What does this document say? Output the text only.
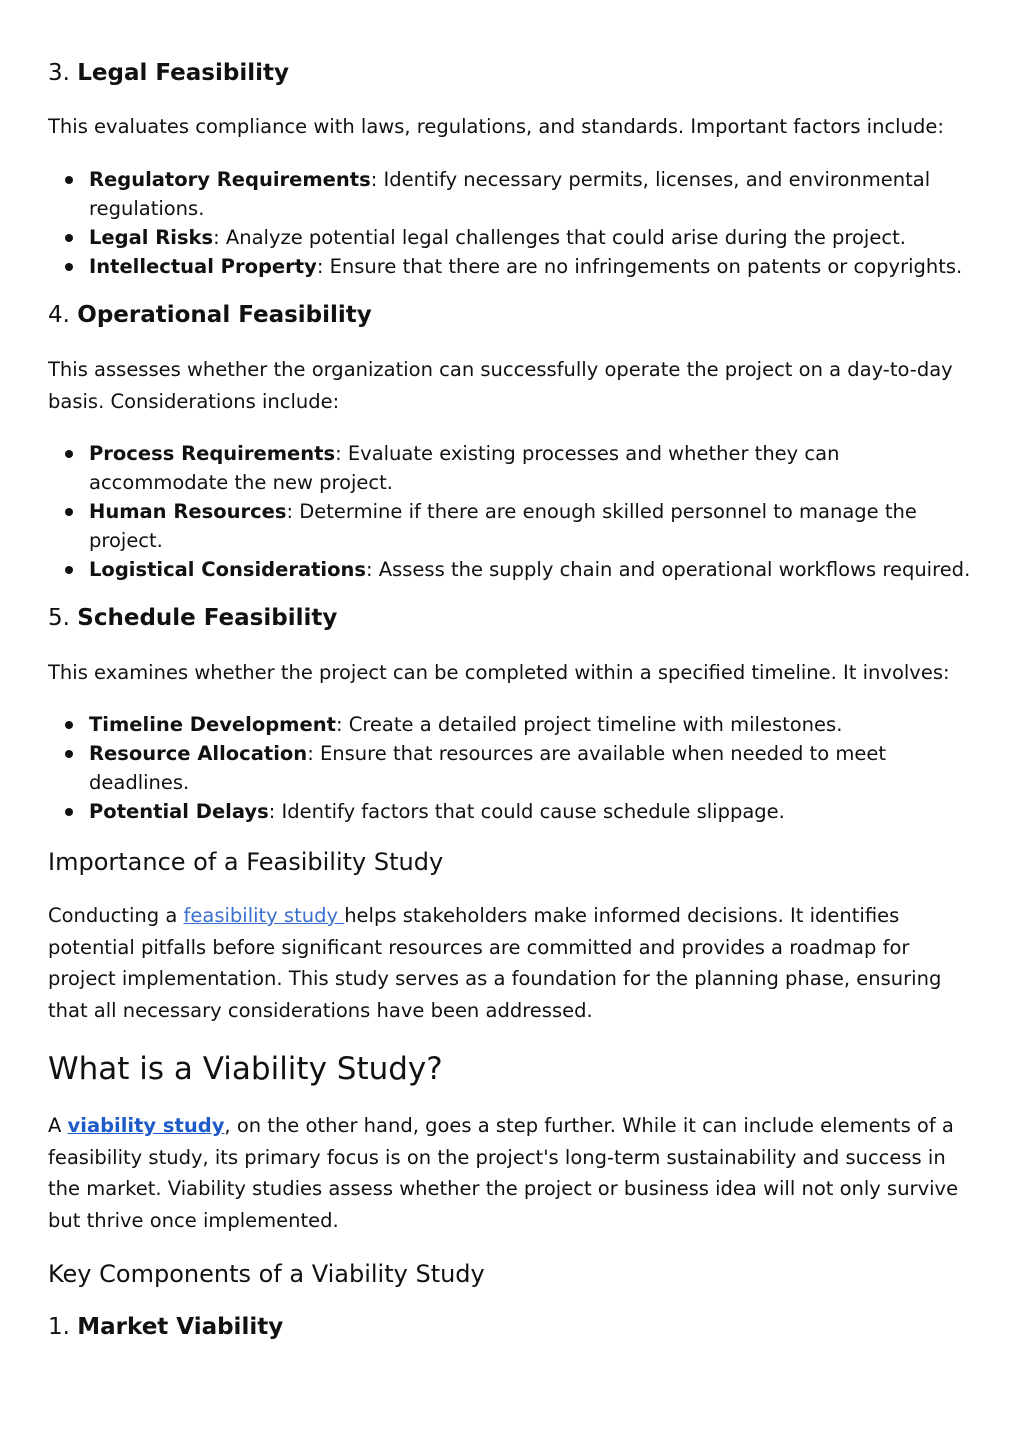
3. Legal Feasibility

This evaluates compliance with laws, regulations, and standards. Important factors include:

Regulatory Requirements: Identify necessary permits, licenses, and environmental regulations.
Legal Risks: Analyze potential legal challenges that could arise during the project.
Intellectual Property: Ensure that there are no infringements on patents or copyrights.
4. Operational Feasibility

This assesses whether the organization can successfully operate the project on a day-to-day basis. Considerations include:

Process Requirements: Evaluate existing processes and whether they can accommodate the new project.
Human Resources: Determine if there are enough skilled personnel to manage the project.
Logistical Considerations: Assess the supply chain and operational workflows required.
5. Schedule Feasibility

This examines whether the project can be completed within a specified timeline. It involves:

Timeline Development: Create a detailed project timeline with milestones.
Resource Allocation: Ensure that resources are available when needed to meet deadlines.
Potential Delays: Identify factors that could cause schedule slippage.
Importance of a Feasibility Study

Conducting a feasibility study helps stakeholders make informed decisions. It identifies potential pitfalls before significant resources are committed and provides a roadmap for project implementation. This study serves as a foundation for the planning phase, ensuring that all necessary considerations have been addressed.

What is a Viability Study?

A viability study, on the other hand, goes a step further. While it can include elements of a feasibility study, its primary focus is on the project's long-term sustainability and success in the market. Viability studies assess whether the project or business idea will not only survive but thrive once implemented.

Key Components of a Viability Study
1. Market Viability
